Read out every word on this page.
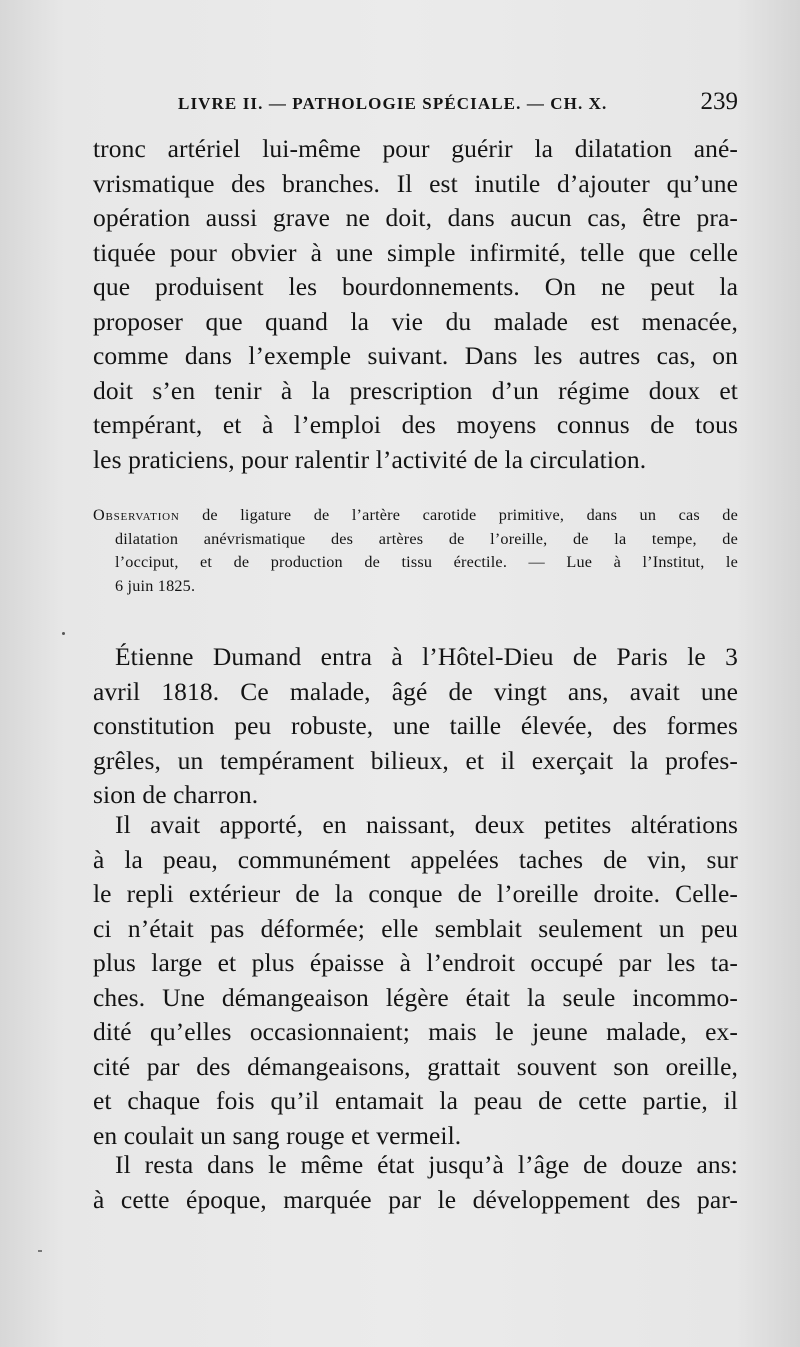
LIVRE II. — PATHOLOGIE SPÉCIALE. — CH. X.	239
tronc artériel lui-même pour guérir la dilatation ané-
vrismatique des branches. Il est inutile d’ajouter qu’une
opération aussi grave ne doit, dans aucun cas, être pra-
tiquée pour obvier à une simple infirmité, telle que celle
que produisent les bourdonnements. On ne peut la
proposer que quand la vie du malade est menacée,
comme dans l’exemple suivant. Dans les autres cas, on
doit s’en tenir à la prescription d’un régime doux et
tempérant, et à l’emploi des moyens connus de tous
les praticiens, pour ralentir l’activité de la circulation.
Observation de ligature de l’artère carotide primitive, dans un cas de
dilatation anévrismatique des artères de l’oreille, de la tempe, de
l’occiput, et de production de tissu érectile. — Lue à l’Institut, le
6 juin 1825.
Étienne Dumand entra à l’Hôtel-Dieu de Paris le 3
avril 1818. Ce malade, âgé de vingt ans, avait une
constitution peu robuste, une taille élevée, des formes
grêles, un tempérament bilieux, et il exerçait la profes-
sion de charron.
Il avait apporté, en naissant, deux petites altérations
à la peau, communément appelées taches de vin, sur
le repli extérieur de la conque de l’oreille droite. Celle-
ci n’était pas déformée; elle semblait seulement un peu
plus large et plus épaisse à l’endroit occupé par les ta-
ches. Une démangeaison légère était la seule incommo-
dité qu’elles occasionnaient; mais le jeune malade, ex-
cité par des démangeaisons, grattait souvent son oreille,
et chaque fois qu’il entamait la peau de cette partie, il
en coulait un sang rouge et vermeil.
Il resta dans le même état jusqu’à l’âge de douze ans:
à cette époque, marquée par le développement des par-
